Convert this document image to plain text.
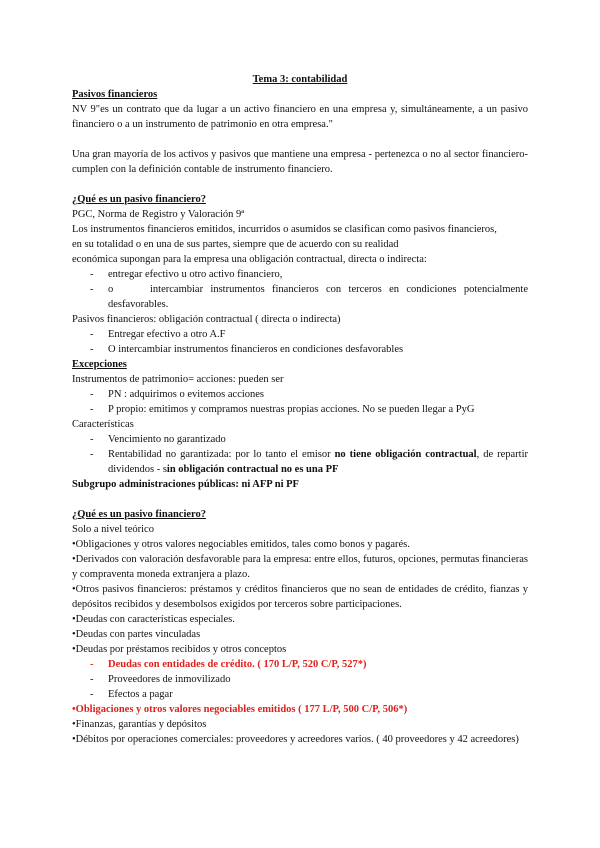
Tema 3: contabilidad

Pasivos financieros

NV 9"es un contrato que da lugar a un activo financiero en una empresa y, simultáneamente, a un pasivo financiero o a un instrumento de patrimonio en otra empresa."

Una gran mayoría de los activos y pasivos que mantiene una empresa - pertenezca o no al sector financiero- cumplen con la definición contable de instrumento financiero.

¿Qué es un pasivo financiero?

PGC, Norma de Registro y Valoración 9ª

Los instrumentos financieros emitidos, incurridos o asumidos se clasifican como pasivos financieros,

en su totalidad o en una de sus partes, siempre que de acuerdo con su realidad

económica supongan para la empresa una obligación contractual, directa o indirecta:

- entregar efectivo u otro activo financiero,

- o	intercambiar instrumentos financieros con terceros en condiciones potencialmente desfavorables.

Pasivos financieros: obligación contractual ( directa o indirecta)

- Entregar efectivo a otro A.F

- O intercambiar instrumentos financieros en condiciones desfavorables

Excepciones

Instrumentos de patrimonio= acciones: pueden ser

- PN : adquirimos o evitemos acciones

- P propio: emitimos y compramos nuestras propias acciones. No se pueden llegar a PyG

Características

- Vencimiento no garantizado

- Rentabilidad no garantizada: por lo tanto el emisor no tiene obligación contractual, de repartir dividendos - sin obligación contractual no es una PF

Subgrupo administraciones públicas: ni AFP ni PF

¿Qué es un pasivo financiero?

Solo a nivel teórico

•Obligaciones y otros valores negociables emitidos, tales como bonos y pagarés.

•Derivados con valoración desfavorable para la empresa: entre ellos, futuros, opciones, permutas financieras y compraventa moneda extranjera a plazo.

•Otros pasivos financieros: préstamos y créditos financieros que no sean de entidades de crédito, fianzas y depósitos recibidos y desembolsos exigidos por terceros sobre participaciones.

•Deudas con características especiales.

•Deudas con partes vinculadas

•Deudas por préstamos recibidos y otros conceptos

- Deudas con entidades de crédito. ( 170 L/P, 520 C/P, 527*)

- Proveedores de inmovilizado

- Efectos a pagar

•Obligaciones y otros valores negociables emitidos ( 177 L/P, 500 C/P, 506*)

•Finanzas, garantías y depósitos

•Débitos por operaciones comerciales: proveedores y acreedores varios. ( 40 proveedores y 42 acreedores)
